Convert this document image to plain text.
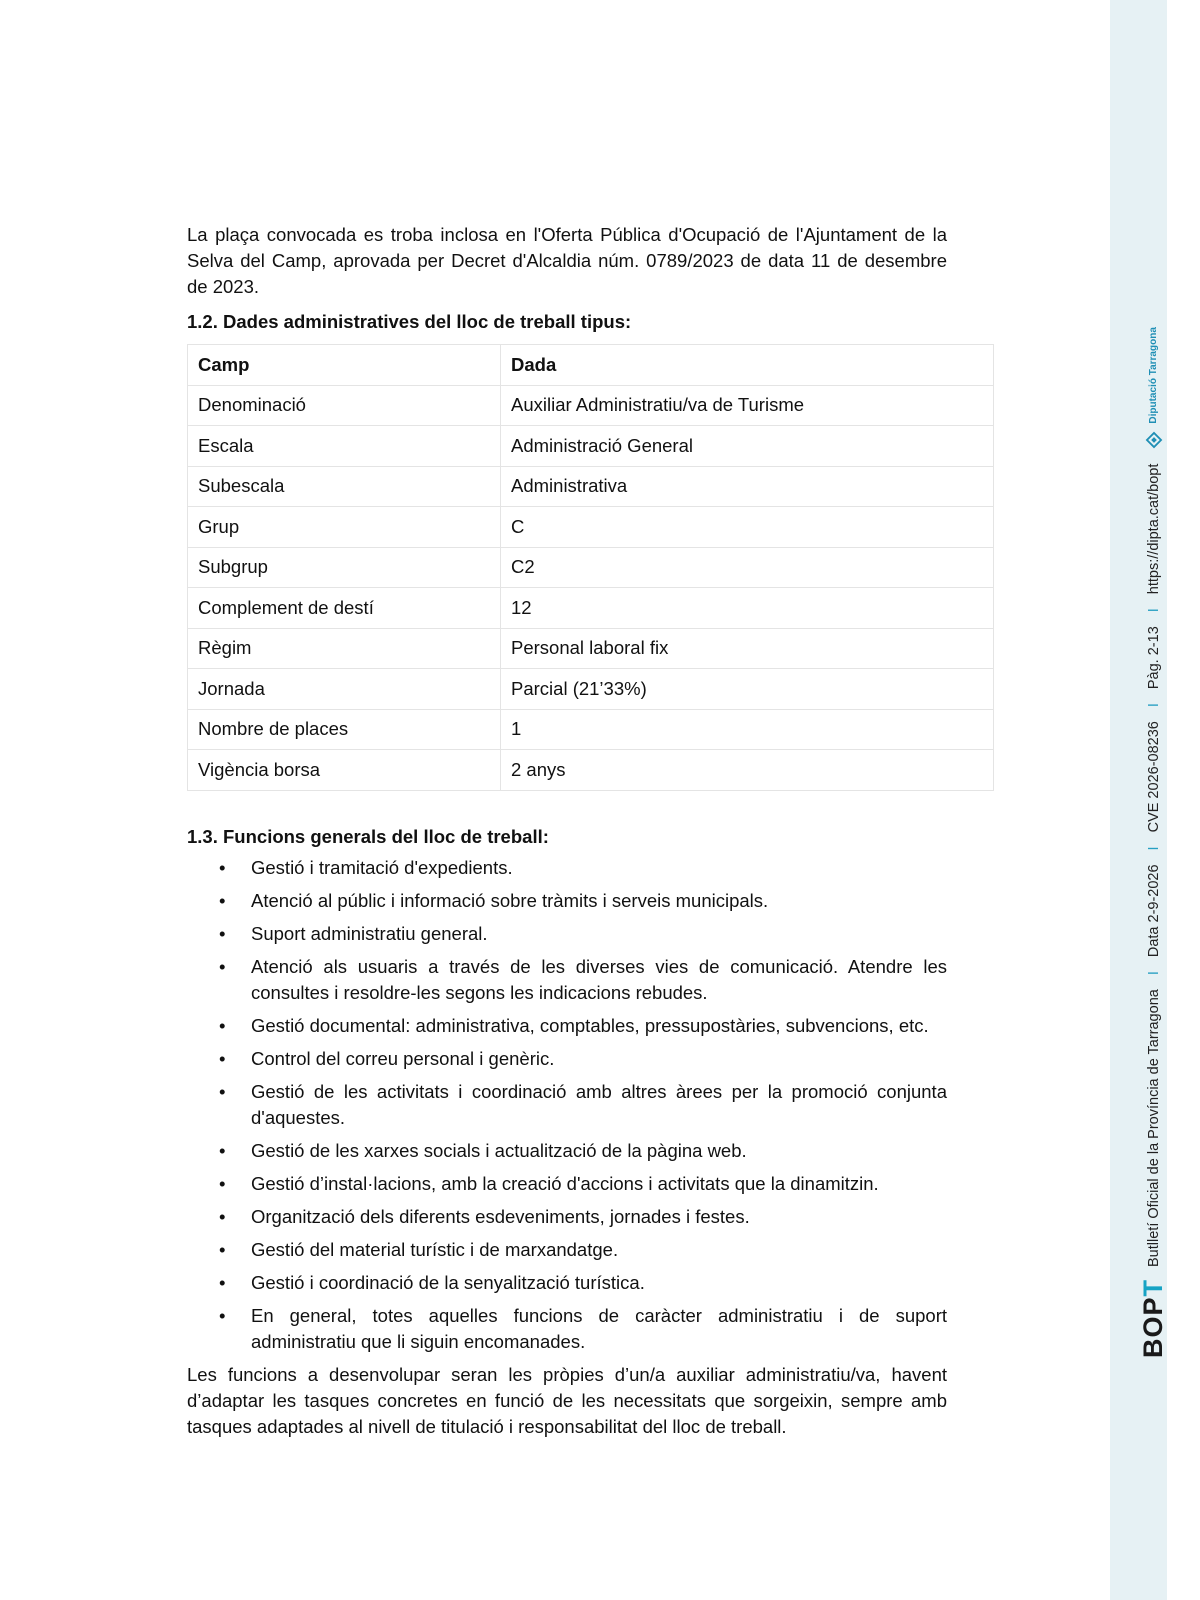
La plaça convocada es troba inclosa en l'Oferta Pública d'Ocupació de l'Ajuntament de la Selva del Camp, aprovada per Decret d'Alcaldia núm. 0789/2023 de data 11 de desembre de 2023.

1.2. Dades administratives del lloc de treball tipus:

Camp	Dada
Denominació	Auxiliar Administratiu/va de Turisme
Escala	Administració General
Subescala	Administrativa
Grup	C
Subgrup	C2
Complement de destí	12
Règim	Personal laboral fix
Jornada	Parcial (21’33%)
Nombre de places	1
Vigència borsa	2 anys

1.3. Funcions generals del lloc de treball:

• Gestió i tramitació d'expedients.
• Atenció al públic i informació sobre tràmits i serveis municipals.
• Suport administratiu general.
• Atenció als usuaris a través de les diverses vies de comunicació. Atendre les consultes i resoldre-les segons les indicacions rebudes.
• Gestió documental: administrativa, comptables, pressupostàries, subvencions, etc.
• Control del correu personal i genèric.
• Gestió de les activitats i coordinació amb altres àrees per la promoció conjunta d'aquestes.
• Gestió de les xarxes socials i actualització de la pàgina web.
• Gestió d’instal·lacions, amb la creació d'accions i activitats que la dinamitzin.
• Organització dels diferents esdeveniments, jornades i festes.
• Gestió del material turístic i de marxandatge.
• Gestió i coordinació de la senyalització turística.
• En general, totes aquelles funcions de caràcter administratiu i de suport administratiu que li siguin encomanades.

Les funcions a desenvolupar seran les pròpies d’un/a auxiliar administratiu/va, havent d’adaptar les tasques concretes en funció de les necessitats que sorgeixin, sempre amb tasques adaptades al nivell de titulació i responsabilitat del lloc de treball.

BOPT
Butlletí Oficial de la Província de Tarragona
I
Data 2-9-2026
I
CVE 2026-08236
I
Pàg. 2-13
I
https://dipta.cat/bopt
Diputació Tarragona
